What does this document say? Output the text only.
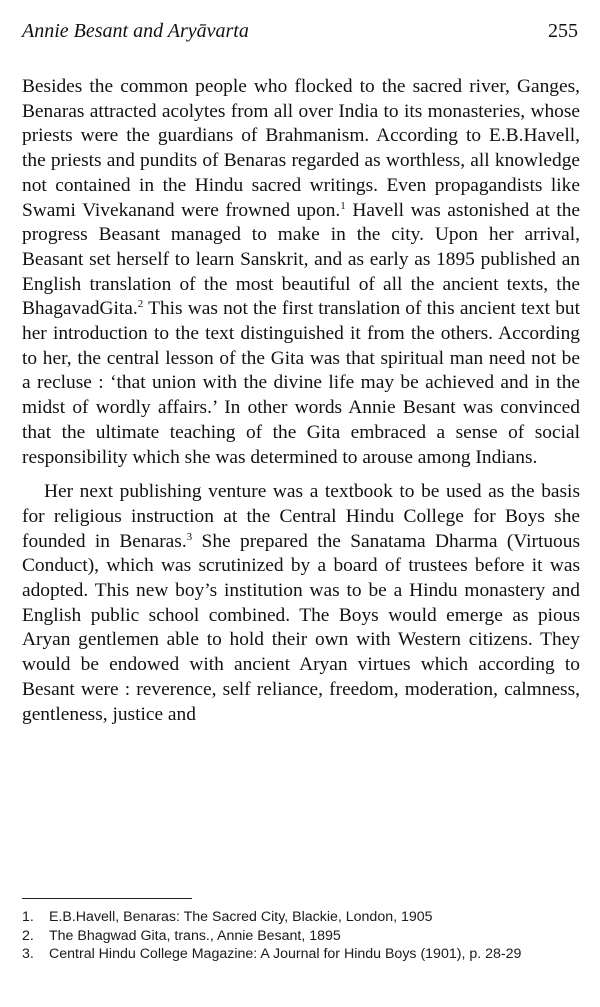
Annie Besant and Aryāvarta	255

Besides the common people who flocked to the sacred river, Ganges, Benaras attracted acolytes from all over India to its monasteries, whose priests were the guardians of Brahmanism. According to E.B.Havell, the priests and pundits of Benaras regarded as worthless, all knowledge not contained in the Hindu sacred writings. Even propagandists like Swami Vivekanand were frowned upon.$^1$ Havell was astonished at the progress Beasant managed to make in the city. Upon her arrival, Beasant set herself to learn Sanskrit, and as early as 1895 published an English translation of the most beautiful of all the ancient texts, the BhagavadGita.$^2$ This was not the first translation of this ancient text but her introduction to the text distinguished it from the others. According to her, the central lesson of the Gita was that spiritual man need not be a recluse : ‘that union with the divine life may be achieved and in the midst of wordly affairs.’ In other words Annie Besant was convinced that the ultimate teaching of the Gita embraced a sense of social responsibility which she was determined to arouse among Indians.

Her next publishing venture was a textbook to be used as the basis for religious instruction at the Central Hindu College for Boys she founded in Benaras.$^3$ She prepared the Sanatama Dharma (Virtuous Conduct), which was scrutinized by a board of trustees before it was adopted. This new boy’s institution was to be a Hindu monastery and English public school combined. The Boys would emerge as pious Aryan gentlemen able to hold their own with Western citizens. They would be endowed with ancient Aryan virtues which according to Besant were : reverence, self reliance, freedom, moderation, calmness, gentleness, justice and

1.	E.B.Havell, Benaras: The Sacred City, Blackie, London, 1905
2.	The Bhagwad Gita, trans., Annie Besant, 1895
3.	Central Hindu College Magazine: A Journal for Hindu Boys (1901), p. 28-29
